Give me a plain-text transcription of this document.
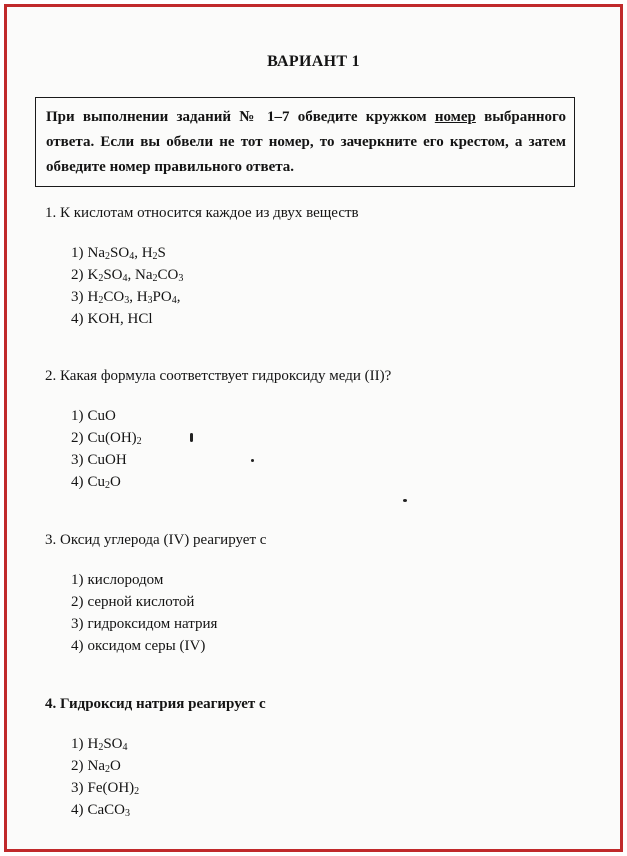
ВАРИАНТ 1
При выполнении заданий № 1–7 обведите кружком номер выбранного ответа. Если вы обвели не тот номер, то зачеркните его крестом, а затем обведите номер правильного ответа.
1. К кислотам относится каждое из двух веществ
1) $Na_2SO_4$, $H_2S$
2) $K_2SO_4$, $Na_2CO_3$
3) $H_2CO_3$, $H_3PO_4$,
4) KOH, HCl
2. Какая формула соответствует гидроксиду меди (II)?
1) CuO
2) $Cu(OH)_2$
3) CuOH
4) $Cu_2O$
3. Оксид углерода (IV) реагирует с
1) кислородом
2) серной кислотой
3) гидроксидом натрия
4) оксидом серы (IV)
4. Гидроксид натрия реагирует с
1) $H_2SO_4$
2) $Na_2O$
3) $Fe(OH)_2$
4) CaCO$_3$
